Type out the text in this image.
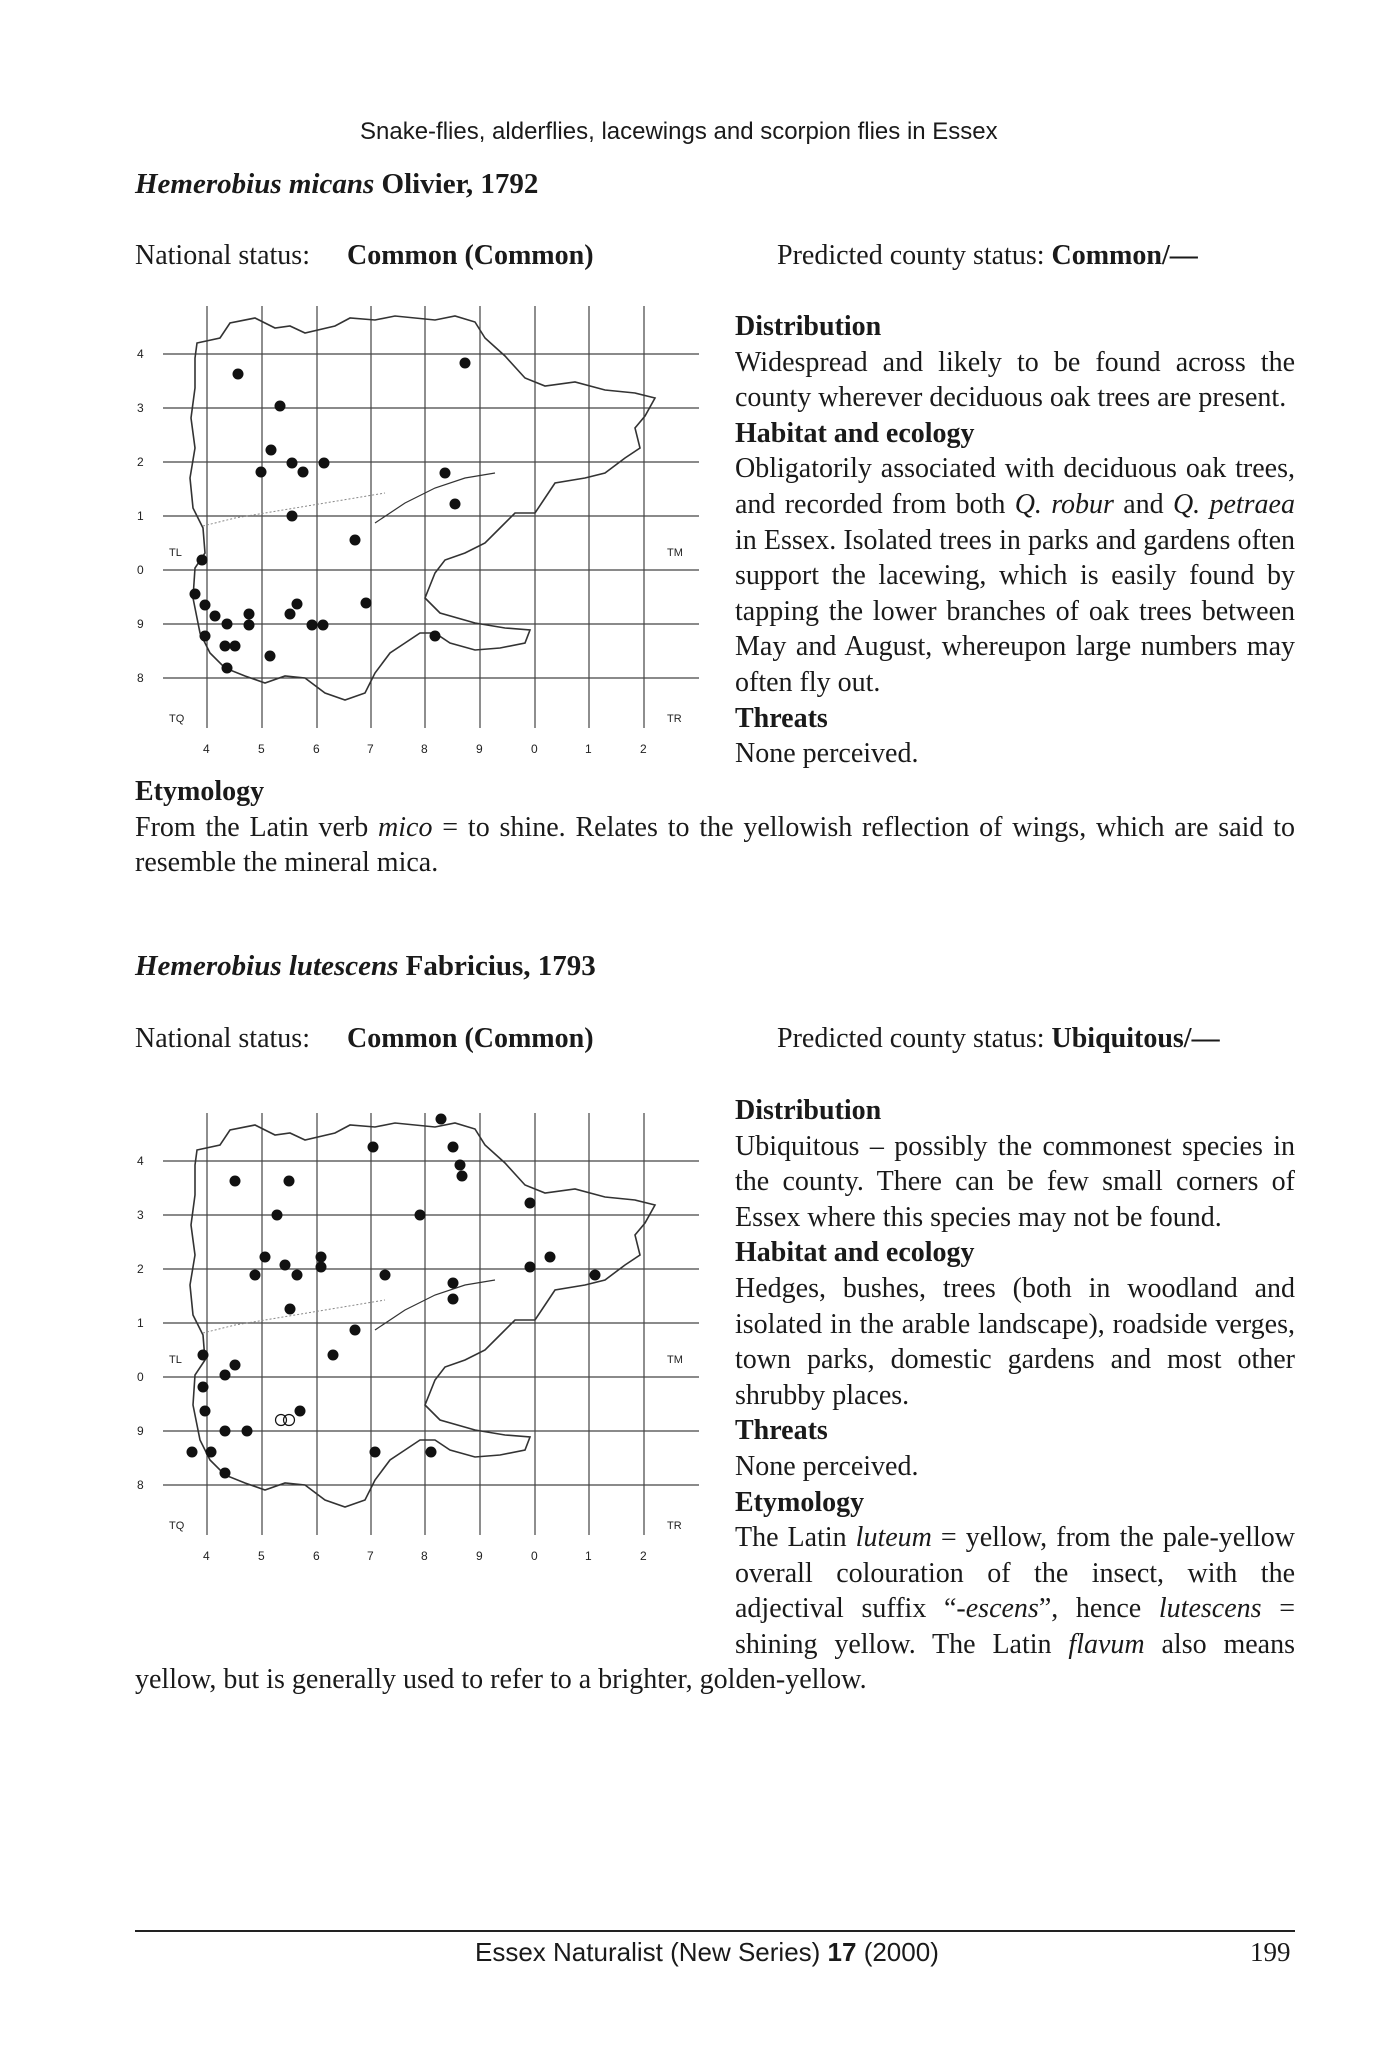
Snake-flies, alderflies, lacewings and scorpion flies in Essex
Hemerobius micans Olivier, 1792
National status: Common (Common)	Predicted county status: Common/—
4
3
2
1
0
9
8
4	5	6	7	8	9	0	1	2
TL	TM
TQ	TR
Distribution

Widespread and likely to be found across the county wherever deciduous oak trees are present.

Habitat and ecology

Obligatorily associated with deciduous oak trees, and recorded from both Q. robur and Q. petraea in Essex. Isolated trees in parks and gardens often support the lacewing, which is easily found by tapping the lower branches of oak trees between May and August, whereupon large numbers may often fly out.

Threats

None perceived.

Etymology

From the Latin verb mico = to shine. Relates to the yellowish reflection of wings, which are said to resemble the mineral mica.

Hemerobius lutescens Fabricius, 1793
National status: Common (Common)	Predicted county status: Ubiquitous/—
4
3
2
1
0
9
8
4	5	6	7	8	9	0	1	2
TL	TM
TQ	TR
Distribution

Ubiquitous – possibly the commonest species in the county. There can be few small corners of Essex where this species may not be found.

Habitat and ecology

Hedges, bushes, trees (both in woodland and isolated in the arable landscape), roadside verges, town parks, domestic gardens and most other shrubby places.

Threats

None perceived.

Etymology
The Latin luteum = yellow, from the pale-yellow overall colouration of the insect, with the adjectival suffix “-escens”, hence lutescens = shining yellow. The Latin flavum also means yellow, but is generally used to refer to a brighter, golden-yellow.
Essex Naturalist (New Series) 17 (2000)	199
